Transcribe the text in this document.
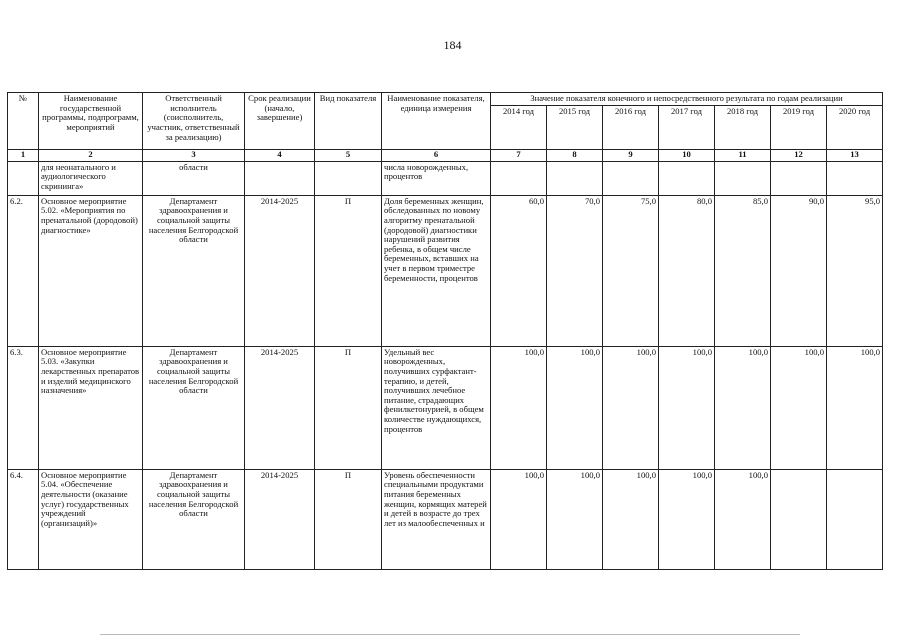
184
№	Наименование государственной программы, подпрограмм, мероприятий	Ответственный исполнитель (соисполнитель, участник, ответственный за реализацию)	Срок реализации (начало, завершение)	Вид показателя	Наименование показателя, единица измерения	Значение показателя конечного и непосредственного результата по годам реализации						
						2014 год	2015 год	2016 год	2017 год	2018 год	2019 год	2020 год
1	2	3	4	5	6	7	8	9	10	11	12	13
	для неонатального и аудиологического скрининга»	области			числа новорожденных, процентов							
6.2.	Основное мероприятие 5.02. «Мероприятия по пренатальной (дородовой) диагностике»	Департамент здравоохранения и социальной защиты населения Белгородской области	2014-2025	П	Доля беременных женщин, обследованных по новому алгоритму пренатальной (дородовой) диагностики нарушений развития ребенка, в общем числе беременных, вставших на учет в первом триместре беременности, процентов	60,0	70,0	75,0	80,0	85,0	90,0	95,0
6.3.	Основное мероприятие 5.03. «Закупки лекарственных препаратов и изделий медицинского назначения»	Департамент здравоохранения и социальной защиты населения Белгородской области	2014-2025	П	Удельный вес новорожденных, получивших сурфактант-терапию, и детей, получивших лечебное питание, страдающих фенилкетонурией, в общем количестве нуждающихся, процентов	100,0	100,0	100,0	100,0	100,0	100,0	100,0
6.4.	Основное мероприятие 5.04. «Обеспечение деятельности (оказание услуг) государственных учреждений (организаций)»	Департамент здравоохранения и социальной защиты населения Белгородской области	2014-2025	П	Уровень обеспеченности специальными продуктами питания беременных женщин, кормящих матерей и детей в возрасте до трех лет из малообеспеченных и	100,0	100,0	100,0	100,0	100,0		
